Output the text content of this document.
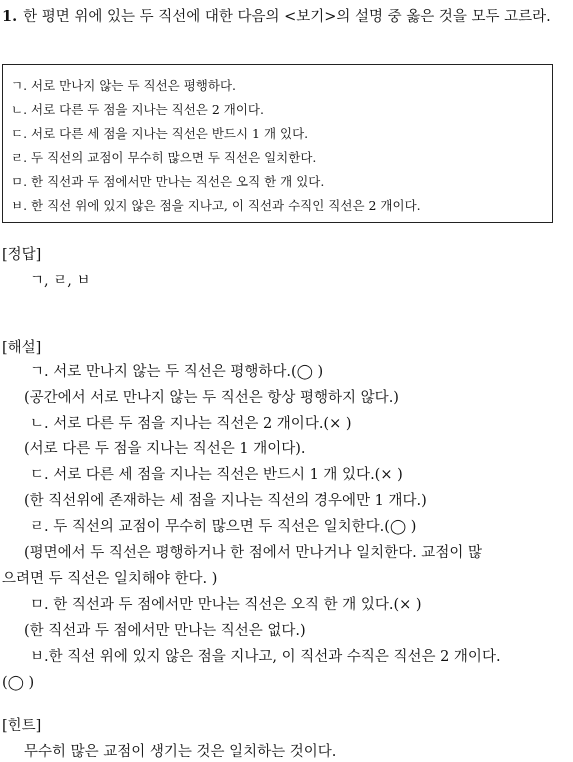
1. 한 평면 위에 있는 두 직선에 대한 다음의 <보기>의 설명 중 옳은 것을 모두 고르라.
ㄱ. 서로 만나지 않는 두 직선은 평행하다.
ㄴ. 서로 다른 두 점을 지나는 직선은 2 개이다.
ㄷ. 서로 다른 세 점을 지나는 직선은 반드시 1 개 있다.
ㄹ. 두 직선의 교점이 무수히 많으면 두 직선은 일치한다.
ㅁ. 한 직선과 두 점에서만 만나는 직선은 오직 한 개 있다.
ㅂ. 한 직선 위에 있지 않은 점을 지나고, 이 직선과 수직인 직선은 2 개이다.
[정답]
ㄱ, ㄹ, ㅂ
[해설]
ㄱ. 서로 만나지 않는 두 직선은 평행하다.(◯ )
(공간에서 서로 만나지 않는 두 직선은 항상 평행하지 않다.)
ㄴ. 서로 다른 두 점을 지나는 직선은 2 개이다.(× )
(서로 다른 두 점을 지나는 직선은 1 개이다).
ㄷ. 서로 다른 세 점을 지나는 직선은 반드시 1 개 있다.(× )
(한 직선위에 존재하는 세 점을 지나는 직선의 경우에만 1 개다.)
ㄹ. 두 직선의 교점이 무수히 많으면 두 직선은 일치한다.(◯ )
(평면에서 두 직선은 평행하거나 한 점에서 만나거나 일치한다. 교점이 많
으려면 두 직선은 일치해야 한다. )
ㅁ. 한 직선과 두 점에서만 만나는 직선은 오직 한 개 있다.(× )
(한 직선과 두 점에서만 만나는 직선은 없다.)
ㅂ.한 직선 위에 있지 않은 점을 지나고, 이 직선과 수직은 직선은 2 개이다.
(◯ )
[힌트]
무수히 많은 교점이 생기는 것은 일치하는 것이다.
